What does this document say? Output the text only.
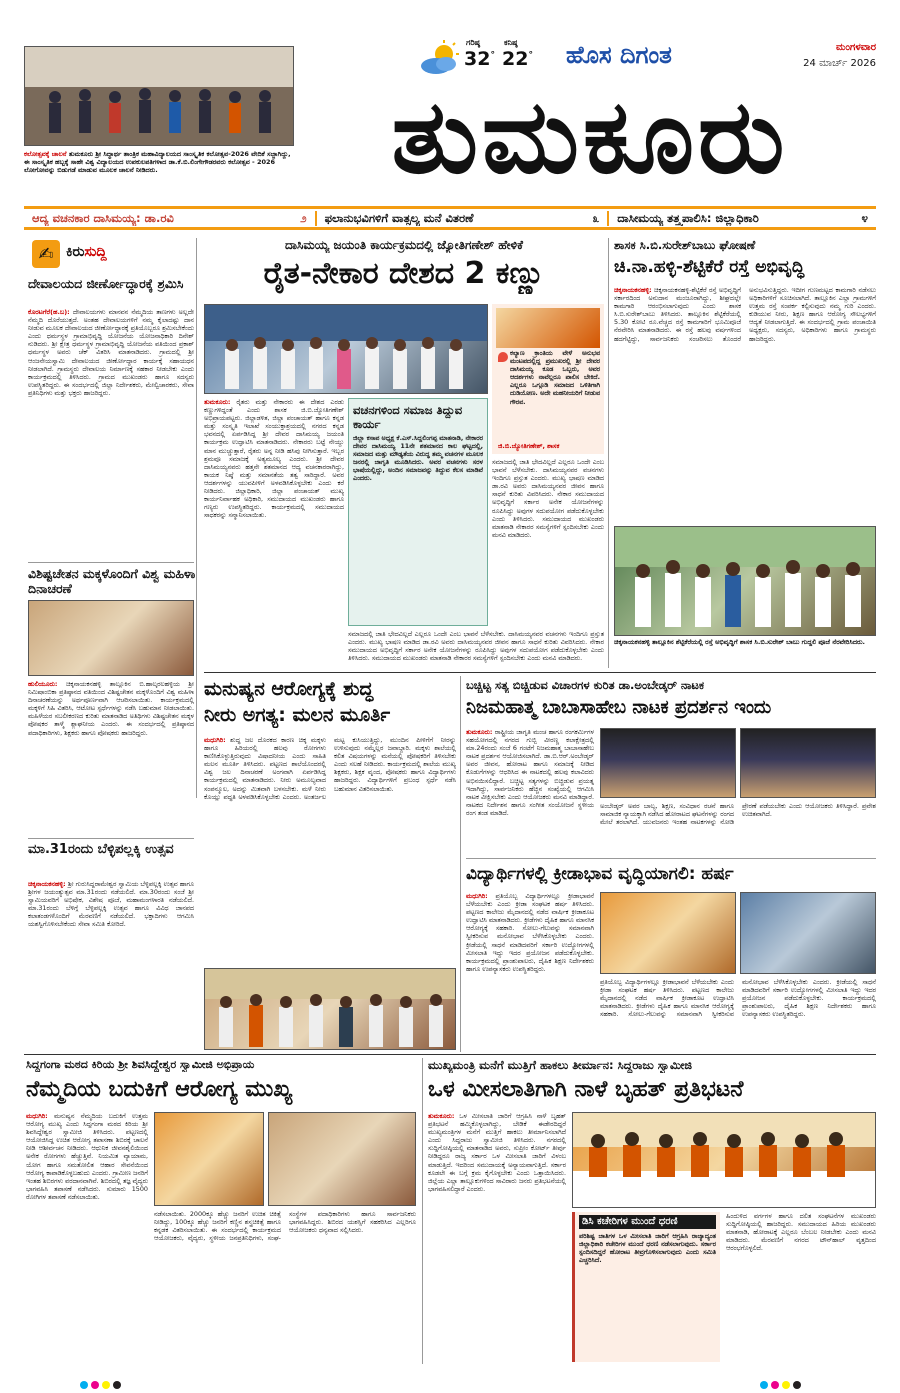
ಕಲೋತ್ಸವಕ್ಕೆ ಚಾಲನೆ ತುಮಕೂರು ಶ್ರೀ ಸಿದ್ಧಾರ್ಥ ತಾಂತ್ರಿಕ ಮಹಾವಿದ್ಯಾಲಯದ ಸಾಂಸ್ಕೃತಿಕ ಕಲೋತ್ಸವ-2026 ವೇದಿಕೆ ಸಜ್ಜಾಗಿದ್ದು, ಈ ಸಾಂಸ್ಕೃತಿಕ ಹಬ್ಬಕ್ಕೆ ಸಾಹೇ ವಿಶ್ವ ವಿದ್ಯಾಲಯದ ಉಪಕುಲಪತಿಗಳಾದ ಡಾ.ಕೆ.ಬಿ.ಲಿಂಗೇಗೌಡರವರು ಕಲೋತ್ಸವ - 2026 ಲೋಗೋವನ್ನು ಬಿಡುಗಡೆ ಮಾಡುವ ಮೂಲಕ ಚಾಲನೆ ನೀಡಿದರು.
ಗರಿಷ್ಠ
32°
ಕನಿಷ್ಠ
22° ಹೊಸ ದಿಗಂತ	ಮಂಗಳವಾರ
24 ಮಾರ್ಚ್ 2026
ತುಮಕೂರು
ಆದ್ಯ ವಚನಕಾರ ದಾಸಿಮಯ್ಯ: ಡಾ.ರವಿ	೨ ಫಲಾನುಭವಿಗಳಿಗೆ ವಾತ್ಸಲ್ಯ ಮನೆ ವಿತರಣೆ	೩ ದಾಸೀಮಯ್ಯ ತತ್ತ್ವಪಾಲಿಸಿ: ಜಿಲ್ಲಾಧಿಕಾರಿ	೪
✍ ಕಿರುಸುದ್ದಿ
ದೇವಾಲಯದ ಜೀರ್ಣೋದ್ಧಾರಕ್ಕೆ ಶ್ರಮಿಸಿ
ಕೊರಟಗೆರೆ(ಹ.ಬ): ದೇವಾಲಯಗಳು ಮಾನವನ ನೆಮ್ಮದಿಯ ತಾಣಗಳು ಅಲ್ಲದೇ ನೆಮ್ಮದಿ ದೊರೆಯುತ್ತದೆ. ಅಂತಹ ದೇವಾಲಯಗಳಿಗೆ ನಮ್ಮ ಕೈಲಾದಷ್ಟು ದಾನ ನೀಡುವ ಮೂಲಕ ದೇವಾಲಯದ ಜೀರ್ಣೋದ್ಧಾರಕ್ಕೆ ಪ್ರತಿಯೊಬ್ಬರೂ ಶ್ರಮಿಸಬೇಕೆಂದು ಎಂದು ಧರ್ಮಸ್ಥಳ ಗ್ರಾಮಾಭಿವೃದ್ಧಿ ಯೋಜನೆಯ ಯೋಜನಾಧಿಕಾರಿ ದಿನೇಶ್ ನುಡಿದರು. ಶ್ರೀ ಕ್ಷೇತ್ರ ಧರ್ಮಸ್ಥಳ ಗ್ರಾಮಾಭಿವೃದ್ಧಿ ಯೋಜನೆಯ ವತಿಯಿಂದ ಪ್ರಕಾಶ್ ಧರ್ಮಸ್ಥಳ ಅವರು ಚೆಕ್ ವಿತರಿಸಿ ಮಾತನಾಡಿದರು. ಗ್ರಾಮದಲ್ಲಿ ಶ್ರೀ ಆಂಜನೇಯಸ್ವಾಮಿ ದೇವಾಲಯದ ಜೀರ್ಣೋದ್ಧಾರ ಕಾರ್ಯಕ್ಕೆ ಸಹಾಯಧನ ನೀಡಲಾಗಿದೆ. ಗ್ರಾಮಸ್ಥರು ದೇವಾಲಯ ನಿರ್ಮಾಣಕ್ಕೆ ಸಹಕಾರ ನೀಡಬೇಕು ಎಂದು ಕಾರ್ಯಕ್ರಮದಲ್ಲಿ ತಿಳಿಸಿದರು. ಗ್ರಾಮದ ಮುಖಂಡರು ಹಾಗೂ ಸದಸ್ಯರು ಉಪಸ್ಥಿತರಿದ್ದರು. ಈ ಸಂದರ್ಭದಲ್ಲಿ ಜಿಲ್ಲಾ ನಿರ್ದೇಶಕರು, ಮೇಲ್ವಿಚಾರಕರು, ಸೇವಾ ಪ್ರತಿನಿಧಿಗಳು ಮತ್ತು ಭಕ್ತರು ಹಾಜರಿದ್ದರು.
ವಿಶಿಷ್ಟಚೇತನ ಮಕ್ಕಳೊಂದಿಗೆ ವಿಶ್ವ ಮಹಿಳಾ ದಿನಾಚರಣೆ
ಹುಲಿಯೂರು: ಚಿಕ್ಕನಾಯಕನಹಳ್ಳಿ ತಾಲ್ಲೂಕಿನ ಬಿ.ಹಾಲ್ಕರಲಹಳ್ಳಿಯ ಶ್ರೀ ನಿಮಿಷಾಂಬಿಕಾ ಪ್ರತಿಷ್ಠಾನದ ವತಿಯಿಂದ ವಿಶಿಷ್ಟಚೇತನ ಮಕ್ಕಳೊಂದಿಗೆ ವಿಶ್ವ ಮಹಿಳಾ ದಿನಾಚರಣೆಯನ್ನು ಅರ್ಥಪೂರ್ಣವಾಗಿ ಆಚರಿಸಲಾಯಿತು. ಕಾರ್ಯಕ್ರಮದಲ್ಲಿ ಮಕ್ಕಳಿಗೆ ಸಿಹಿ ವಿತರಿಸಿ, ಆಟೋಟ ಸ್ಪರ್ಧೆಗಳನ್ನು ನಡೆಸಿ ಬಹುಮಾನ ನೀಡಲಾಯಿತು. ಮಹಿಳೆಯರ ಸಬಲೀಕರಣದ ಕುರಿತು ಮಾತನಾಡಿದ ಅತಿಥಿಗಳು ವಿಶಿಷ್ಟಚೇತನ ಮಕ್ಕಳ ಪೋಷಕರ ತಾಳ್ಮೆ ಶ್ಲಾಘನೀಯ ಎಂದರು. ಈ ಸಂದರ್ಭದಲ್ಲಿ ಪ್ರತಿಷ್ಠಾನದ ಪದಾಧಿಕಾರಿಗಳು, ಶಿಕ್ಷಕರು ಹಾಗೂ ಪೋಷಕರು ಹಾಜರಿದ್ದರು.
ಮಾ.31ರಂದು ಬೆಳ್ಳಿಪಲ್ಲಕ್ಕಿ ಉತ್ಸವ
ಚಿಕ್ಕನಾಯಕನಹಳ್ಳಿ: ಶ್ರೀ ಗುರುಸಿದ್ದರಾಮೇಶ್ವರ ಸ್ವಾಮಿಯ ಬೆಳ್ಳಿಪಲ್ಲಕ್ಕಿ ಉತ್ಸವ ಹಾಗೂ ಶ್ರೀಗಳ ಜಯಂತ್ಯುತ್ಸವ ಮಾ.31ರಂದು ನಡೆಯಲಿದೆ. ಮಾ.30ರಂದು ಸಂಜೆ ಶ್ರೀ ಸ್ವಾಮಿಯವರಿಗೆ ಅಭಿಷೇಕ, ವಿಶೇಷ ಪೂಜೆ, ಮಹಾಮಂಗಳಾರತಿ ನಡೆಯಲಿದೆ. ಮಾ.31ರಂದು ಬೆಳಿಗ್ಗೆ ಬೆಳ್ಳಿಪಲ್ಲಕ್ಕಿ ಉತ್ಸವ ಹಾಗೂ ವಿವಿಧ ಜಾನಪದ ಕಲಾತಂಡಗಳೊಂದಿಗೆ ಮೆರವಣಿಗೆ ನಡೆಯಲಿದೆ. ಭಕ್ತಾದಿಗಳು ಆಗಮಿಸಿ ಯಶಸ್ವಿಗೊಳಿಸಬೇಕೆಂದು ಸೇವಾ ಸಮಿತಿ ಕೋರಿದೆ.
ದಾಸಿಮಯ್ಯ ಜಯಂತಿ ಕಾರ್ಯಕ್ರಮದಲ್ಲಿ ಜ್ಯೋತಿಗಣೇಶ್ ಹೇಳಿಕೆ
ರೈತ-ನೇಕಾರ ದೇಶದ 2 ಕಣ್ಣು
ಕಲ್ಯಾಣ ಕ್ರಾಂತಿಯ ವೇಳೆ ಅನುಭವ ಮಂಟಪದಲ್ಲಿದ್ದ ಪ್ರಮುಖರಲ್ಲಿ ಶ್ರೀ ದೇವರ ದಾಸಿಮಯ್ಯ ಕೂಡ ಒಬ್ಬರು, ಅವರ ಆದರ್ಶಗಳು ನಾವೆಲ್ಲರೂ ಪಾಲಿಸ ಬೇಕಿದೆ. ಎಲ್ಲರೂ ಒಗ್ಗೂಡಿ ಸಮಾಜದ ಒಳಿತಿಗಾಗಿ ದುಡಿಯೋಣ. ಅದೇ ಮಹನೀಯರಿಗೆ ನೀಡುವ ಗೌರವ.
ಜಿ.ಬಿ.ಜ್ಯೋತಿಗಣೇಶ್, ಶಾಸಕ
ತುಮಕೂರು: ರೈತರು ಮತ್ತು ನೇಕಾರರು ಈ ದೇಶದ ಎರಡು ಕಣ್ಣುಗಳಿದ್ದಂತೆ ಎಂದು ಶಾಸಕ ಜಿ.ಬಿ.ಜ್ಯೋತಿಗಣೇಶ್ ಅಭಿಪ್ರಾಯಪಟ್ಟರು. ಜಿಲ್ಲಾಡಳಿತ, ಜಿಲ್ಲಾ ಪಂಚಾಯತ್ ಹಾಗೂ ಕನ್ನಡ ಮತ್ತು ಸಂಸ್ಕೃತಿ ಇಲಾಖೆ ಸಂಯುಕ್ತಾಶ್ರಯದಲ್ಲಿ ನಗರದ ಕನ್ನಡ ಭವನದಲ್ಲಿ ಏರ್ಪಡಿಸಿದ್ದ ಶ್ರೀ ದೇವರ ದಾಸಿಮಯ್ಯ ಜಯಂತಿ ಕಾರ್ಯಕ್ರಮ ಉದ್ಘಾಟಿಸಿ ಮಾತನಾಡಿದರು. ನೇಕಾರರು ಬಟ್ಟೆ ನೇಯ್ದು ಮಾನ ಮುಚ್ಚುತ್ತಾರೆ, ರೈತರು ಅನ್ನ ನೀಡಿ ಹಸಿವು ನೀಗಿಸುತ್ತಾರೆ. ಇಬ್ಬರ ಶ್ರಮವೂ ಸಮಾಜಕ್ಕೆ ಅತ್ಯಮೂಲ್ಯ ಎಂದರು. ಶ್ರೀ ದೇವರ ದಾಸಿಮಯ್ಯನವರು ಹತ್ತನೇ ಶತಮಾನದ ಆದ್ಯ ವಚನಕಾರರಾಗಿದ್ದು, ಕಾಯಕ ನಿಷ್ಠೆ ಮತ್ತು ಸಮಾನತೆಯ ತತ್ವ ಸಾರಿದ್ದಾರೆ. ಅವರ ಆದರ್ಶಗಳನ್ನು ಯುವಪೀಳಿಗೆ ಅಳವಡಿಸಿಕೊಳ್ಳಬೇಕು ಎಂದು ಕರೆ ನೀಡಿದರು. ಜಿಲ್ಲಾಧಿಕಾರಿ, ಜಿಲ್ಲಾ ಪಂಚಾಯತ್ ಮುಖ್ಯ ಕಾರ್ಯನಿರ್ವಾಹಕ ಅಧಿಕಾರಿ, ಸಮುದಾಯದ ಮುಖಂಡರು ಹಾಗೂ ಗಣ್ಯರು ಉಪಸ್ಥಿತರಿದ್ದರು. ಕಾರ್ಯಕ್ರಮದಲ್ಲಿ ಸಮುದಾಯದ ಸಾಧಕರನ್ನು ಸನ್ಮಾನಿಸಲಾಯಿತು.
ವಚನಗಳಿಂದ ಸಮಾಜ ತಿದ್ದುವ ಕಾರ್ಯ
ಜಿಲ್ಲಾ ಕಸಾಪ ಅಧ್ಯಕ್ಷ ಕೆ.ಎಸ್.ಸಿದ್ದಲಿಂಗಪ್ಪ ಮಾತನಾಡಿ, ನೇಕಾರರ ದೇವರ ದಾಸಿಮಯ್ಯ 11ನೇ ಶತಮಾನದ ಕಾಲ ಘಟ್ಟದಲ್ಲಿ, ಸಮಾಜದ ಮತ್ತು ಮೌಢ್ಯತೆಯ ವಿರುದ್ಧ ತಮ್ಮ ವಚನಗಳ ಮೂಲಕ ಜನರಲ್ಲಿ ಜಾಗೃತಿ ಮೂಡಿಸಿದರು. ಅವರ ವಚನಗಳು ಸರಳ ಭಾಷೆಯಲ್ಲಿದ್ದು, ಅಂದಿನ ಸಮಾಜವನ್ನು ತಿದ್ದುವ ಕೆಲಸ ಮಾಡಿವೆ ಎಂದರು.
ಸಮಾಜದಲ್ಲಿ ಜಾತಿ ಭೇದವಿಲ್ಲದೆ ಎಲ್ಲರೂ ಒಂದೇ ಎಂಬ ಭಾವನೆ ಬೆಳೆಸಬೇಕು. ದಾಸಿಮಯ್ಯನವರ ವಚನಗಳು ಇಂದಿಗೂ ಪ್ರಸ್ತುತ ಎಂದರು. ಮುಖ್ಯ ಭಾಷಣ ಮಾಡಿದ ಡಾ.ರವಿ ಅವರು ದಾಸಿಮಯ್ಯನವರ ಜೀವನ ಹಾಗೂ ಸಾಧನೆ ಕುರಿತು ವಿವರಿಸಿದರು. ನೇಕಾರ ಸಮುದಾಯದ ಅಭಿವೃದ್ಧಿಗೆ ಸರ್ಕಾರ ಅನೇಕ ಯೋಜನೆಗಳನ್ನು ರೂಪಿಸಿದ್ದು ಅವುಗಳ ಸದುಪಯೋಗ ಪಡೆದುಕೊಳ್ಳಬೇಕು ಎಂದು ತಿಳಿಸಿದರು. ಸಮುದಾಯದ ಮುಖಂಡರು ಮಾತನಾಡಿ ನೇಕಾರರ ಸಮಸ್ಯೆಗಳಿಗೆ ಸ್ಪಂದಿಸಬೇಕು ಎಂದು ಮನವಿ ಮಾಡಿದರು.
ಸಮಾಜದಲ್ಲಿ ಜಾತಿ ಭೇದವಿಲ್ಲದೆ ಎಲ್ಲರೂ ಒಂದೇ ಎಂಬ ಭಾವನೆ ಬೆಳೆಸಬೇಕು. ದಾಸಿಮಯ್ಯನವರ ವಚನಗಳು ಇಂದಿಗೂ ಪ್ರಸ್ತುತ ಎಂದರು. ಮುಖ್ಯ ಭಾಷಣ ಮಾಡಿದ ಡಾ.ರವಿ ಅವರು ದಾಸಿಮಯ್ಯನವರ ಜೀವನ ಹಾಗೂ ಸಾಧನೆ ಕುರಿತು ವಿವರಿಸಿದರು. ನೇಕಾರ ಸಮುದಾಯದ ಅಭಿವೃದ್ಧಿಗೆ ಸರ್ಕಾರ ಅನೇಕ ಯೋಜನೆಗಳನ್ನು ರೂಪಿಸಿದ್ದು ಅವುಗಳ ಸದುಪಯೋಗ ಪಡೆದುಕೊಳ್ಳಬೇಕು ಎಂದು ತಿಳಿಸಿದರು. ಸಮುದಾಯದ ಮುಖಂಡರು ಮಾತನಾಡಿ ನೇಕಾರರ ಸಮಸ್ಯೆಗಳಿಗೆ ಸ್ಪಂದಿಸಬೇಕು ಎಂದು ಮನವಿ ಮಾಡಿದರು.
ಶಾಸಕ ಸಿ.ಬಿ.ಸುರೇಶ್‌ಬಾಬು ಘೋಷಣೆ
ಚಿ.ನಾ.ಹಳ್ಳಿ-ಶೆಟ್ಟಿಕೆರೆ ರಸ್ತೆ ಅಭಿವೃದ್ಧಿ
ಚಿಕ್ಕನಾಯಕನಹಳ್ಳಿ: ಚಿಕ್ಕನಾಯಕನಹಳ್ಳಿ-ಶೆಟ್ಟಿಕೆರೆ ರಸ್ತೆ ಅಭಿವೃದ್ಧಿಗೆ ಸರ್ಕಾರದಿಂದ ಅನುದಾನ ಮಂಜೂರಾಗಿದ್ದು, ಶೀಘ್ರದಲ್ಲೇ ಕಾಮಗಾರಿ ಆರಂಭಿಸಲಾಗುವುದು ಎಂದು ಶಾಸಕ ಸಿ.ಬಿ.ಸುರೇಶ್‌ಬಾಬು ತಿಳಿಸಿದರು. ತಾಲ್ಲೂಕಿನ ಶೆಟ್ಟಿಕೆರೆಯಲ್ಲಿ 5.30 ಕೋಟಿ ರೂ.ವೆಚ್ಚದ ರಸ್ತೆ ಕಾಮಗಾರಿಗೆ ಭೂಮಿಪೂಜೆ ನೆರವೇರಿಸಿ ಮಾತನಾಡಿದರು. ಈ ರಸ್ತೆ ಹಲವು ವರ್ಷಗಳಿಂದ ಹದಗೆಟ್ಟಿದ್ದು, ಸಾರ್ವಜನಿಕರು ಸಂಚರಿಸಲು ತೊಂದರೆ ಅನುಭವಿಸುತ್ತಿದ್ದರು. ಇದೀಗ ಗುಣಮಟ್ಟದ ಕಾಮಗಾರಿ ನಡೆಸಲು ಅಧಿಕಾರಿಗಳಿಗೆ ಸೂಚಿಸಲಾಗಿದೆ. ತಾಲ್ಲೂಕಿನ ಎಲ್ಲಾ ಗ್ರಾಮಗಳಿಗೆ ಉತ್ತಮ ರಸ್ತೆ ಸಂಪರ್ಕ ಕಲ್ಪಿಸುವುದು ನಮ್ಮ ಗುರಿ ಎಂದರು. ಕುಡಿಯುವ ನೀರು, ಶಿಕ್ಷಣ ಹಾಗೂ ಆರೋಗ್ಯ ಸೌಲಭ್ಯಗಳಿಗೆ ಆದ್ಯತೆ ನೀಡಲಾಗುತ್ತಿದೆ. ಈ ಸಂದರ್ಭದಲ್ಲಿ ಗ್ರಾಮ ಪಂಚಾಯಿತಿ ಅಧ್ಯಕ್ಷರು, ಸದಸ್ಯರು, ಅಧಿಕಾರಿಗಳು ಹಾಗೂ ಗ್ರಾಮಸ್ಥರು ಹಾಜರಿದ್ದರು.
ಚಿಕ್ಕನಾಯಕನಹಳ್ಳಿ ತಾಲ್ಲೂಕಿನ ಶೆಟ್ಟಿಕೆರೆಯಲ್ಲಿ ರಸ್ತೆ ಅಭಿವೃದ್ಧಿಗೆ ಶಾಸಕ ಸಿ.ಬಿ.ಸುರೇಶ್ ಬಾಬು ಗುದ್ದಲಿ ಪೂಜೆ ನೆರವೇರಿಸಿದರು.
ಮನುಷ್ಯನ ಆರೋಗ್ಯಕ್ಕೆ ಶುದ್ಧ
ನೀರು ಅಗತ್ಯ: ಮಲನ ಮೂರ್ತಿ
ಮಧುಗಿರಿ: ಶುದ್ಧ ಜಲ ದೊರಕದ ಕಾರಣ ಚಿಕ್ಕ ಮಕ್ಕಳು ಹಾಗೂ ಹಿರಿಯರಲ್ಲಿ ಹಲವು ರೋಗಗಳು ಕಾಣಿಸಿಕೊಳ್ಳುತ್ತಿರುವುದು ವಿಷಾದನೀಯ ಎಂದು ಸಾಹಿತಿ ಮಲನ ಮೂರ್ತಿ ತಿಳಿಸಿದರು. ಪಟ್ಟಣದ ಶಾಲೆಯೊಂದರಲ್ಲಿ ವಿಶ್ವ ಜಲ ದಿನಾಚರಣೆ ಅಂಗವಾಗಿ ಏರ್ಪಡಿಸಿದ್ದ ಕಾರ್ಯಕ್ರಮದಲ್ಲಿ ಮಾತನಾಡಿದರು. ನೀರು ಅಮೂಲ್ಯವಾದ ಸಂಪನ್ಮೂಲ, ಅದನ್ನು ಮಿತವಾಗಿ ಬಳಸಬೇಕು. ಮಳೆ ನೀರು ಕೊಯ್ಲು ಪದ್ಧತಿ ಅಳವಡಿಸಿಕೊಳ್ಳಬೇಕು ಎಂದರು. ಅಂತರ್ಜಲ ಮಟ್ಟ ಕುಸಿಯುತ್ತಿದ್ದು, ಮುಂದಿನ ಪೀಳಿಗೆಗೆ ನೀರನ್ನು ಉಳಿಸುವುದು ನಮ್ಮೆಲ್ಲರ ಜವಾಬ್ದಾರಿ. ಮಕ್ಕಳು ಶಾಲೆಯಲ್ಲಿ ಕಲಿತ ವಿಷಯಗಳನ್ನು ಮನೆಯಲ್ಲಿ ಪೋಷಕರಿಗೆ ತಿಳಿಸಬೇಕು ಎಂದು ಸಲಹೆ ನೀಡಿದರು. ಕಾರ್ಯಕ್ರಮದಲ್ಲಿ ಶಾಲೆಯ ಮುಖ್ಯ ಶಿಕ್ಷಕರು, ಶಿಕ್ಷಕ ವೃಂದ, ಪೋಷಕರು ಹಾಗೂ ವಿದ್ಯಾರ್ಥಿಗಳು ಹಾಜರಿದ್ದರು. ವಿದ್ಯಾರ್ಥಿಗಳಿಗೆ ಪ್ರಬಂಧ ಸ್ಪರ್ಧೆ ನಡೆಸಿ ಬಹುಮಾನ ವಿತರಿಸಲಾಯಿತು.
ಬಚ್ಚಿಟ್ಟ ಸತ್ಯ ಬಿಚ್ಚಿಡುವ ವಿಚಾರಗಳ ಕುರಿತ ಡಾ.ಅಂಬೇಡ್ಕರ್ ನಾಟಕ
ನಿಜಮಹಾತ್ಮ ಬಾಬಾಸಾಹೇಬ ನಾಟಕ ಪ್ರದರ್ಶನ ಇಂದು
ತುಮಕೂರು: ರಾಷ್ಟ್ರೀಯ ಜಾಗೃತಿ ಮಂಚ ಹಾಗೂ ರಂಗಕರ್ಮಿಗಳ ಸಹಯೋಗದಲ್ಲಿ ನಗರದ ಗುಬ್ಬಿ ವೀರಣ್ಣ ಕಲಾಕ್ಷೇತ್ರದಲ್ಲಿ ಮಾ.24ರಂದು ಸಂಜೆ 6 ಗಂಟೆಗೆ ನಿಜಮಹಾತ್ಮ ಬಾಬಾಸಾಹೇಬ ನಾಟಕ ಪ್ರದರ್ಶನ ಆಯೋಜಿಸಲಾಗಿದೆ. ಡಾ.ಬಿ.ಆರ್.ಅಂಬೇಡ್ಕರ್ ಅವರ ಜೀವನ, ಹೋರಾಟ ಹಾಗೂ ಸಮಾಜಕ್ಕೆ ನೀಡಿದ ಕೊಡುಗೆಗಳನ್ನು ಆಧರಿಸಿದ ಈ ನಾಟಕದಲ್ಲಿ ಹಲವು ಕಲಾವಿದರು ಅಭಿನಯಿಸಲಿದ್ದಾರೆ. ಬಚ್ಚಿಟ್ಟ ಸತ್ಯಗಳನ್ನು ಬಿಚ್ಚಿಡುವ ಪ್ರಯತ್ನ ಇದಾಗಿದ್ದು, ಸಾರ್ವಜನಿಕರು ಹೆಚ್ಚಿನ ಸಂಖ್ಯೆಯಲ್ಲಿ ಆಗಮಿಸಿ ನಾಟಕ ವೀಕ್ಷಿಸಬೇಕು ಎಂದು ಆಯೋಜಕರು ಮನವಿ ಮಾಡಿದ್ದಾರೆ. ನಾಟಕದ ನಿರ್ದೇಶನ ಹಾಗೂ ಸಂಗೀತ ಸಂಯೋಜನೆ ಸ್ಥಳೀಯ ರಂಗ ತಂಡ ಮಾಡಿದೆ.
ಅಂಬೇಡ್ಕರ್ ಅವರ ಬಾಲ್ಯ, ಶಿಕ್ಷಣ, ಸಂವಿಧಾನ ರಚನೆ ಹಾಗೂ ಸಾಮಾಜಿಕ ನ್ಯಾಯಕ್ಕಾಗಿ ನಡೆಸಿದ ಹೋರಾಟದ ಘಟನೆಗಳನ್ನು ರಂಗದ ಮೇಲೆ ತರಲಾಗಿದೆ. ಯುವಜನರು ಇಂತಹ ನಾಟಕಗಳನ್ನು ನೋಡಿ ಪ್ರೇರಣೆ ಪಡೆಯಬೇಕು ಎಂದು ಆಯೋಜಕರು ತಿಳಿಸಿದ್ದಾರೆ. ಪ್ರವೇಶ ಉಚಿತವಾಗಿದೆ.
ವಿದ್ಯಾರ್ಥಿಗಳಲ್ಲಿ ಕ್ರೀಡಾಭಾವ ವೃದ್ಧಿಯಾಗಲಿ: ಹರ್ಷ
ಮಧುಗಿರಿ: ಪ್ರತಿಯೊಬ್ಬ ವಿದ್ಯಾರ್ಥಿಗಳಲ್ಲೂ ಕ್ರೀಡಾಭಾವನೆ ಬೆಳೆಯಬೇಕು ಎಂದು ಕ್ರೀಡಾ ಸಂಘಟಕ ಹರ್ಷ ತಿಳಿಸಿದರು. ಪಟ್ಟಣದ ಕಾಲೇಜು ಮೈದಾನದಲ್ಲಿ ನಡೆದ ವಾರ್ಷಿಕ ಕ್ರೀಡಾಕೂಟ ಉದ್ಘಾಟಿಸಿ ಮಾತನಾಡಿದರು. ಕ್ರೀಡೆಗಳು ದೈಹಿಕ ಹಾಗೂ ಮಾನಸಿಕ ಆರೋಗ್ಯಕ್ಕೆ ಸಹಕಾರಿ. ಸೋಲು-ಗೆಲುವನ್ನು ಸಮಾನವಾಗಿ ಸ್ವೀಕರಿಸುವ ಮನೋಭಾವ ಬೆಳೆಸಿಕೊಳ್ಳಬೇಕು ಎಂದರು. ಕ್ರೀಡೆಯಲ್ಲಿ ಸಾಧನೆ ಮಾಡಿದವರಿಗೆ ಸರ್ಕಾರಿ ಉದ್ಯೋಗಗಳಲ್ಲಿ ಮೀಸಲಾತಿ ಇದ್ದು ಇದರ ಪ್ರಯೋಜನ ಪಡೆದುಕೊಳ್ಳಬೇಕು. ಕಾರ್ಯಕ್ರಮದಲ್ಲಿ ಪ್ರಾಂಶುಪಾಲರು, ದೈಹಿಕ ಶಿಕ್ಷಣ ನಿರ್ದೇಶಕರು ಹಾಗೂ ಉಪನ್ಯಾಸಕರು ಉಪಸ್ಥಿತರಿದ್ದರು.
ಪ್ರತಿಯೊಬ್ಬ ವಿದ್ಯಾರ್ಥಿಗಳಲ್ಲೂ ಕ್ರೀಡಾಭಾವನೆ ಬೆಳೆಯಬೇಕು ಎಂದು ಕ್ರೀಡಾ ಸಂಘಟಕ ಹರ್ಷ ತಿಳಿಸಿದರು. ಪಟ್ಟಣದ ಕಾಲೇಜು ಮೈದಾನದಲ್ಲಿ ನಡೆದ ವಾರ್ಷಿಕ ಕ್ರೀಡಾಕೂಟ ಉದ್ಘಾಟಿಸಿ ಮಾತನಾಡಿದರು. ಕ್ರೀಡೆಗಳು ದೈಹಿಕ ಹಾಗೂ ಮಾನಸಿಕ ಆರೋಗ್ಯಕ್ಕೆ ಸಹಕಾರಿ. ಸೋಲು-ಗೆಲುವನ್ನು ಸಮಾನವಾಗಿ ಸ್ವೀಕರಿಸುವ ಮನೋಭಾವ ಬೆಳೆಸಿಕೊಳ್ಳಬೇಕು ಎಂದರು. ಕ್ರೀಡೆಯಲ್ಲಿ ಸಾಧನೆ ಮಾಡಿದವರಿಗೆ ಸರ್ಕಾರಿ ಉದ್ಯೋಗಗಳಲ್ಲಿ ಮೀಸಲಾತಿ ಇದ್ದು ಇದರ ಪ್ರಯೋಜನ ಪಡೆದುಕೊಳ್ಳಬೇಕು. ಕಾರ್ಯಕ್ರಮದಲ್ಲಿ ಪ್ರಾಂಶುಪಾಲರು, ದೈಹಿಕ ಶಿಕ್ಷಣ ನಿರ್ದೇಶಕರು ಹಾಗೂ ಉಪನ್ಯಾಸಕರು ಉಪಸ್ಥಿತರಿದ್ದರು.
ಸಿದ್ದಗಂಗಾ ಮಠದ ಕಿರಿಯ ಶ್ರೀ ಶಿವಸಿದ್ದೇಶ್ವರ ಸ್ವಾಮೀಜಿ ಅಭಿಪ್ರಾಯ
ನೆಮ್ಮದಿಯ ಬದುಕಿಗೆ ಆರೋಗ್ಯ ಮುಖ್ಯ
ಮಧುಗಿರಿ: ಮನುಷ್ಯನ ನೆಮ್ಮದಿಯ ಬದುಕಿಗೆ ಉತ್ತಮ ಆರೋಗ್ಯ ಮುಖ್ಯ ಎಂದು ಸಿದ್ದಗಂಗಾ ಮಠದ ಕಿರಿಯ ಶ್ರೀ ಶಿವಸಿದ್ದೇಶ್ವರ ಸ್ವಾಮೀಜಿ ತಿಳಿಸಿದರು. ಪಟ್ಟಣದಲ್ಲಿ ಆಯೋಜಿಸಿದ್ದ ಉಚಿತ ಆರೋಗ್ಯ ತಪಾಸಣಾ ಶಿಬಿರಕ್ಕೆ ಚಾಲನೆ ನೀಡಿ ಆಶೀರ್ವಚನ ನೀಡಿದರು. ಆಧುನಿಕ ಜೀವನಶೈಲಿಯಿಂದ ಅನೇಕ ರೋಗಗಳು ಹೆಚ್ಚುತ್ತಿವೆ. ನಿಯಮಿತ ವ್ಯಾಯಾಮ, ಯೋಗ ಹಾಗೂ ಸಮತೋಲಿತ ಆಹಾರ ಸೇವನೆಯಿಂದ ಆರೋಗ್ಯ ಕಾಪಾಡಿಕೊಳ್ಳಬಹುದು ಎಂದರು. ಗ್ರಾಮೀಣ ಜನರಿಗೆ ಇಂತಹ ಶಿಬಿರಗಳು ವರದಾನವಾಗಿವೆ. ಶಿಬಿರದಲ್ಲಿ ತಜ್ಞ ವೈದ್ಯರು ಭಾಗವಹಿಸಿ ತಪಾಸಣೆ ನಡೆಸಿದರು. ಸುಮಾರು 1500 ರೋಗಿಗಳ ತಪಾಸಣೆ ನಡೆಸಲಾಯಿತು.
ನಡೆಸಲಾಯಿತು. 2000ಕ್ಕೂ ಹೆಚ್ಚು ಜನರಿಗೆ ಉಚಿತ ಚಿಕಿತ್ಸೆ ನೀಡಿದ್ದು, 100ಕ್ಕೂ ಹೆಚ್ಚು ಜನರಿಗೆ ಕಣ್ಣಿನ ಶಸ್ತ್ರಚಿಕಿತ್ಸೆ ಹಾಗೂ ಕನ್ನಡಕ ವಿತರಿಸಲಾಯಿತು. ಈ ಸಂದರ್ಭದಲ್ಲಿ ಕಾರ್ಯಕ್ರಮದ ಆಯೋಜಕರು, ವೈದ್ಯರು, ಸ್ಥಳೀಯ ಜನಪ್ರತಿನಿಧಿಗಳು, ಸಂಘ-ಸಂಸ್ಥೆಗಳ ಪದಾಧಿಕಾರಿಗಳು ಹಾಗೂ ಸಾರ್ವಜನಿಕರು ಭಾಗವಹಿಸಿದ್ದರು. ಶಿಬಿರದ ಯಶಸ್ಸಿಗೆ ಸಹಕರಿಸಿದ ಎಲ್ಲರಿಗೂ ಆಯೋಜಕರು ಧನ್ಯವಾದ ಸಲ್ಲಿಸಿದರು.
ಮುಖ್ಯಮಂತ್ರಿ ಮನೆಗೆ ಮುತ್ತಿಗೆ ಹಾಕಲು ತೀರ್ಮಾನ: ಸಿದ್ದರಾಜು ಸ್ವಾಮೀಜಿ
ಒಳ ಮೀಸಲಾತಿಗಾಗಿ ನಾಳೆ ಬೃಹತ್ ಪ್ರತಿಭಟನೆ
ತುಮಕೂರು: ಒಳ ಮೀಸಲಾತಿ ಜಾರಿಗೆ ಆಗ್ರಹಿಸಿ ನಾಳೆ ಬೃಹತ್ ಪ್ರತಿಭಟನೆ ಹಮ್ಮಿಕೊಳ್ಳಲಾಗಿದ್ದು, ಬೇಡಿಕೆ ಈಡೇರದಿದ್ದರೆ ಮುಖ್ಯಮಂತ್ರಿಗಳ ಮನೆಗೆ ಮುತ್ತಿಗೆ ಹಾಕಲು ತೀರ್ಮಾನಿಸಲಾಗಿದೆ ಎಂದು ಸಿದ್ದರಾಜು ಸ್ವಾಮೀಜಿ ತಿಳಿಸಿದರು. ನಗರದಲ್ಲಿ ಸುದ್ದಿಗೋಷ್ಠಿಯಲ್ಲಿ ಮಾತನಾಡಿದ ಅವರು, ಸುಪ್ರೀಂ ಕೋರ್ಟ್ ತೀರ್ಪು ನೀಡಿದ್ದರೂ ರಾಜ್ಯ ಸರ್ಕಾರ ಒಳ ಮೀಸಲಾತಿ ಜಾರಿಗೆ ವಿಳಂಬ ಮಾಡುತ್ತಿದೆ. ಇದರಿಂದ ಸಮುದಾಯಕ್ಕೆ ಅನ್ಯಾಯವಾಗುತ್ತಿದೆ. ಸರ್ಕಾರ ಕೂಡಲೇ ಈ ಬಗ್ಗೆ ಕ್ರಮ ಕೈಗೊಳ್ಳಬೇಕು ಎಂದು ಒತ್ತಾಯಿಸಿದರು. ಜಿಲ್ಲೆಯ ಎಲ್ಲಾ ತಾಲ್ಲೂಕುಗಳಿಂದ ಸಾವಿರಾರು ಜನರು ಪ್ರತಿಭಟನೆಯಲ್ಲಿ ಭಾಗವಹಿಸಲಿದ್ದಾರೆ ಎಂದರು.
ಡಿಸಿ ಕಚೇರಿಗಳ ಮುಂದೆ ಧರಣಿ
ಪರಿಶಿಷ್ಟ ಜಾತಿಗಳ ಒಳ ಮೀಸಲಾತಿ ಜಾರಿಗೆ ಆಗ್ರಹಿಸಿ ರಾಜ್ಯಾದ್ಯಂತ ಜಿಲ್ಲಾಧಿಕಾರಿ ಕಚೇರಿಗಳ ಮುಂದೆ ಧರಣಿ ನಡೆಸಲಾಗುವುದು. ಸರ್ಕಾರ ಸ್ಪಂದಿಸದಿದ್ದರೆ ಹೋರಾಟ ತೀವ್ರಗೊಳಿಸಲಾಗುವುದು ಎಂದು ಸಮಿತಿ ಎಚ್ಚರಿಸಿದೆ.
ಹಿಂದುಳಿದ ವರ್ಗಗಳ ಹಾಗೂ ದಲಿತ ಸಂಘಟನೆಗಳ ಮುಖಂಡರು ಸುದ್ದಿಗೋಷ್ಠಿಯಲ್ಲಿ ಹಾಜರಿದ್ದರು. ಸಮುದಾಯದ ಹಿರಿಯ ಮುಖಂಡರು ಮಾತನಾಡಿ, ಹೋರಾಟಕ್ಕೆ ಎಲ್ಲರೂ ಬೆಂಬಲ ನೀಡಬೇಕು ಎಂದು ಮನವಿ ಮಾಡಿದರು. ಮೆರವಣಿಗೆ ನಗರದ ಟೌನ್‌ಹಾಲ್ ವೃತ್ತದಿಂದ ಆರಂಭಗೊಳ್ಳಲಿದೆ.
